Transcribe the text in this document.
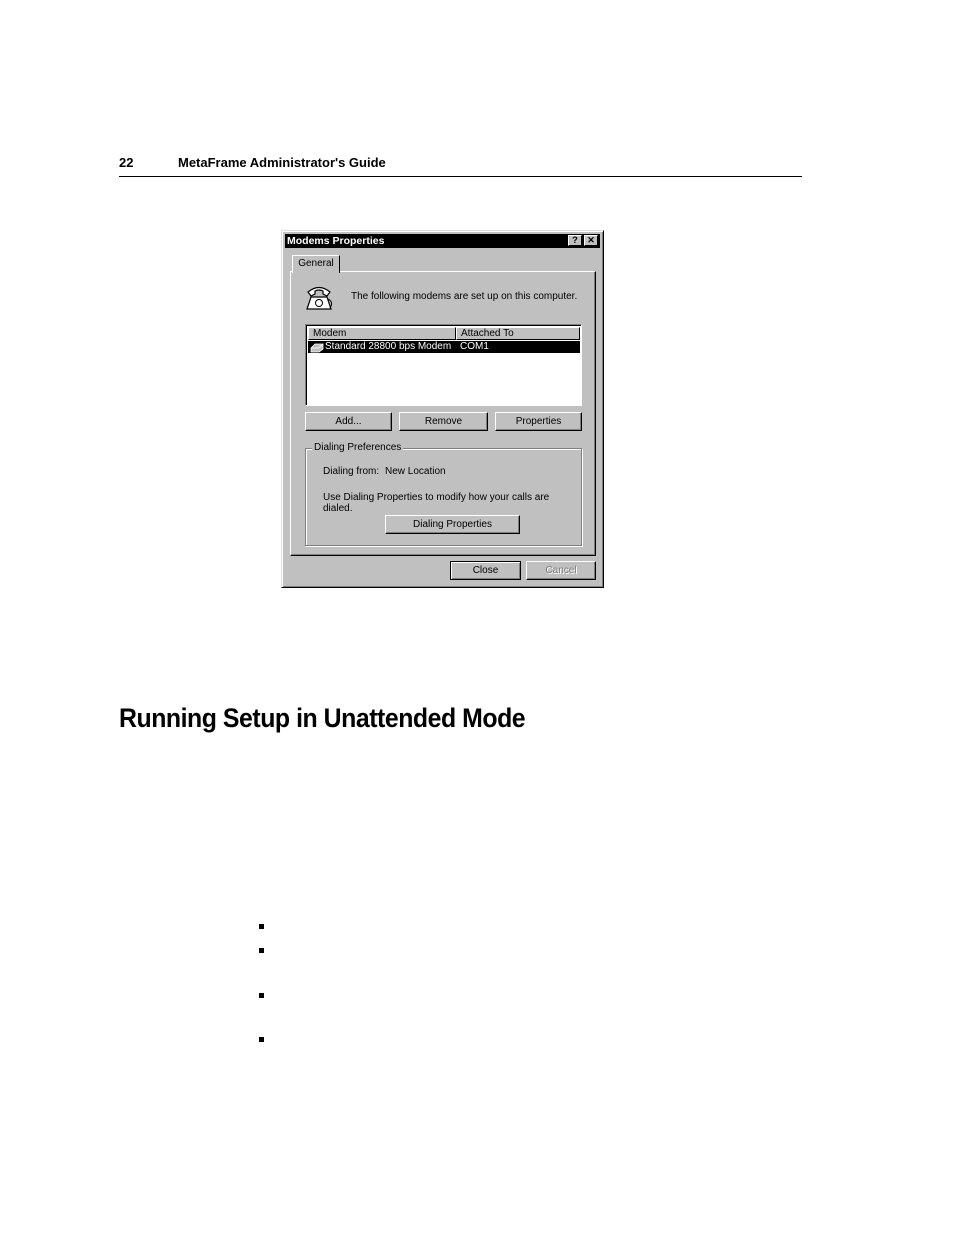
22	MetaFrame Administrator's Guide
Modems Properties	?	✕
General
The following modems are set up on this computer.
Modem	Attached To
Standard 28800 bps Modem COM1
Add...	Remove	Properties
Dialing Preferences
Dialing from: New Location
Use Dialing Properties to modify how your calls are
dialed.
Dialing Properties
Close	Cancel
Running Setup in Unattended Mode
